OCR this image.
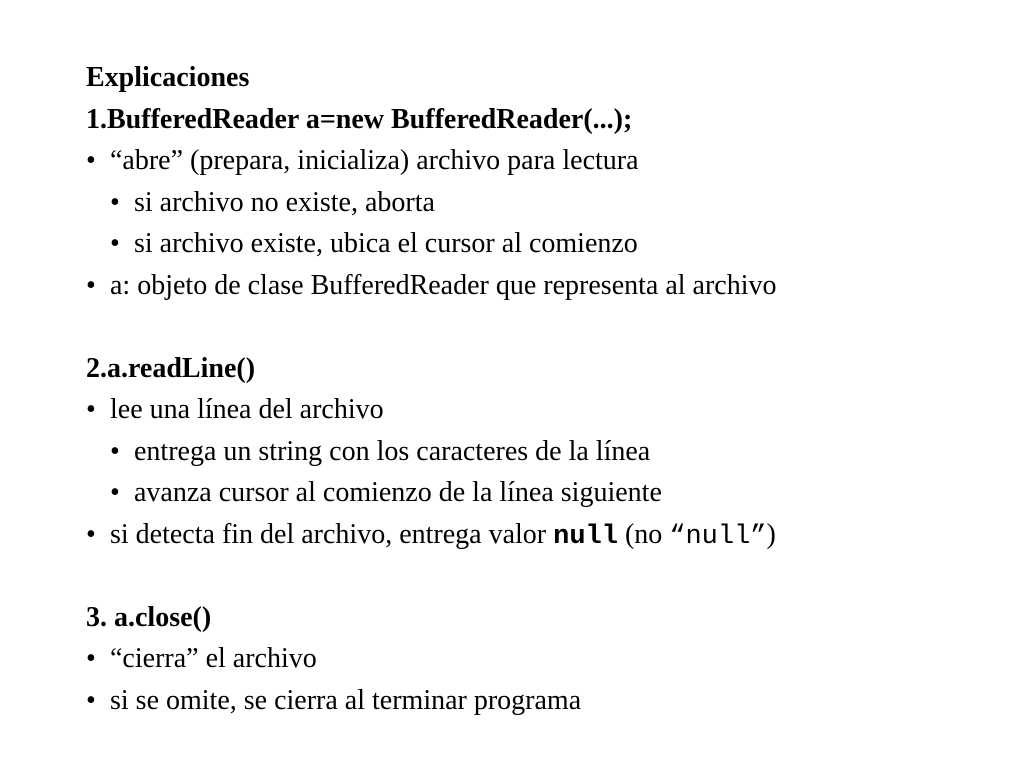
Explicaciones
1.BufferedReader a=new BufferedReader(...);
• “abre” (prepara, inicializa) archivo para lectura
• si archivo no existe, aborta
• si archivo existe, ubica el cursor al comienzo
• a: objeto de clase BufferedReader que representa al archivo
2.a.readLine()
• lee una línea del archivo
• entrega un string con los caracteres de la línea
• avanza cursor al comienzo de la línea siguiente
• si detecta fin del archivo, entrega valor null (no “null”)
3. a.close()
• “cierra” el archivo
• si se omite, se cierra al terminar programa
